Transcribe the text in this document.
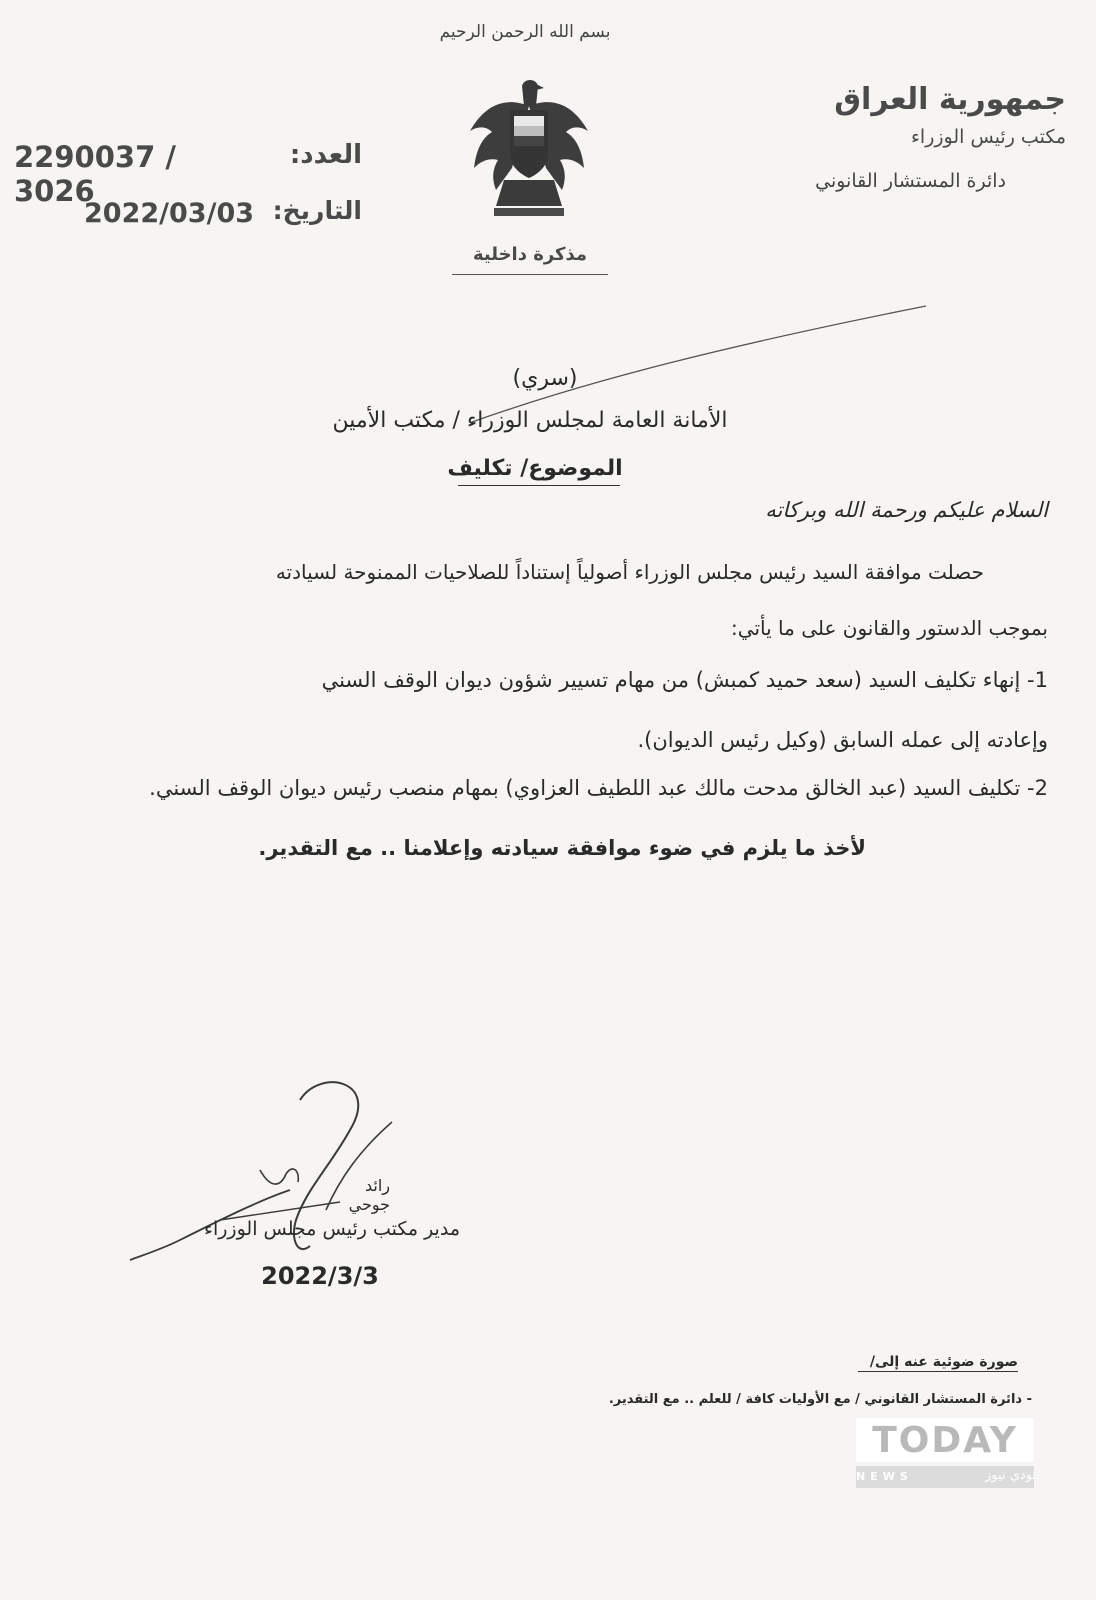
بسم الله الرحمن الرحيم
جمهورية العراق
مكتب رئيس الوزراء
دائرة المستشار القانوني
العدد:
2290037 / 3026
التاريخ:
2022/03/03
مذكرة داخلية
(سري)
الأمانة العامة لمجلس الوزراء / مكتب الأمين
الموضوع/ تكليف
السلام عليكم ورحمة الله وبركاته
حصلت موافقة السيد رئيس مجلس الوزراء أصولياً إستناداً للصلاحيات الممنوحة لسيادته
بموجب الدستور والقانون على ما يأتي:
1- إنهاء تكليف السيد (سعد حميد كمبش) من مهام تسيير شؤون ديوان الوقف السني
وإعادته إلى عمله السابق (وكيل رئيس الديوان).
2- تكليف السيد (عبد الخالق مدحت مالك عبد اللطيف العزاوي) بمهام منصب رئيس ديوان الوقف السني.
لأخذ ما يلزم في ضوء موافقة سيادته وإعلامنا .. مع التقدير.
رائد جوحي
مدير مكتب رئيس مجلس الوزراء
2022/3/3
صورة ضوئية عنه إلى/
- دائرة المستشار القانوني / مع الأوليات كافة / للعلم .. مع التقدير.
TODAY
NEWS	تودي نيوز
